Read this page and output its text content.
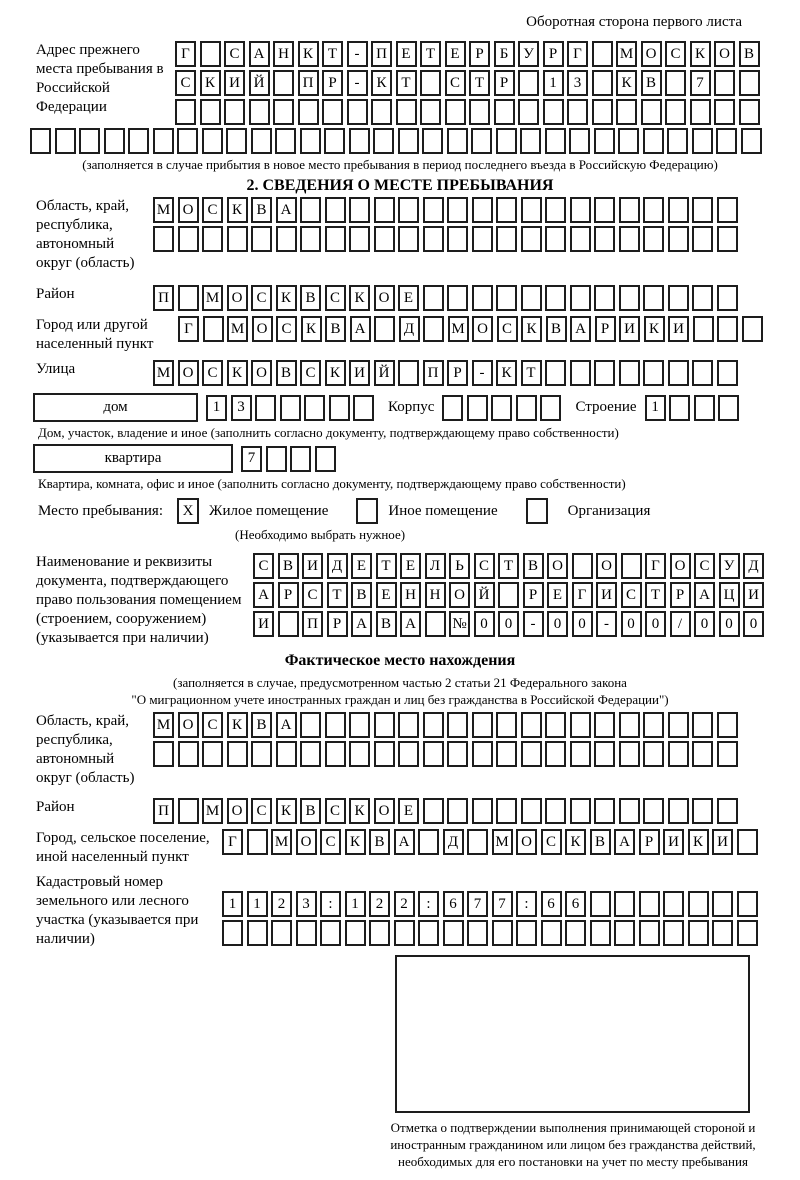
Оборотная сторона первого листа
Адрес прежнего места пребывания в Российской Федерации
Г	С А Н К Т	-	П Е	Т	Е	Р	Б У	Р	Г	М О С К О В
С К И Й	П Р	-	К Т	С Т	Р	1	3	К В	7
(заполняется в случае прибытия в новое место пребывания в период последнего въезда в Российскую Федерацию)
2. СВЕДЕНИЯ О МЕСТЕ ПРЕБЫВАНИЯ
Область, край, республика, автономный округ (область)
М О С К В А
Район	П	М О С К В С К О Е
Город или другой населенный пункт
Г	М О С К В А	Д	М О С К В А Р И К И
Улица	М О С К О В С К И Й	П Р	-	К Т
дом	1	3	Корпус	Строение 1
Дом, участок, владение и иное (заполнить согласно документу, подтверждающему право собственности)
квартира	7
Квартира, комната, офис и иное (заполнить согласно документу, подтверждающему право собственности)
Место пребывания:	X	Жилое помещение	Иное помещение	Организация
(Необходимо выбрать нужное)
Наименование и реквизиты документа, подтверждающего право пользования помещением (строением, сооружением) (указывается при наличии)
С В И Д Е	Т	Е Л	Ь	С Т В О	О	Г О С У Д
А Р	С Т В Е Н Н О Й	Р	Е	Г И С Т	Р А Ц И
И	П Р А В А	№ 0	0	-	0	0	-	0	0	/	0	0	0
Фактическое место нахождения
(заполняется в случае, предусмотренном частью 2 статьи 21 Федерального закона
"О миграционном учете иностранных граждан и лиц без гражданства в Российской Федерации")
Область, край, республика, автономный округ (область)
М О С К В А
Район	П	М О С К В С К О Е
Город, сельское поселение, иной населенный пункт
Г	М О С К В А	Д	М О С К В А Р И К И
Кадастровый номер земельного или лесного участка (указывается при наличии)
1	1	2	3	:	1	2	2	:	6	7	7	:	6	6
Отметка о подтверждении выполнения принимающей стороной и иностранным гражданином или лицом без гражданства действий, необходимых для его постановки на учет по месту пребывания
